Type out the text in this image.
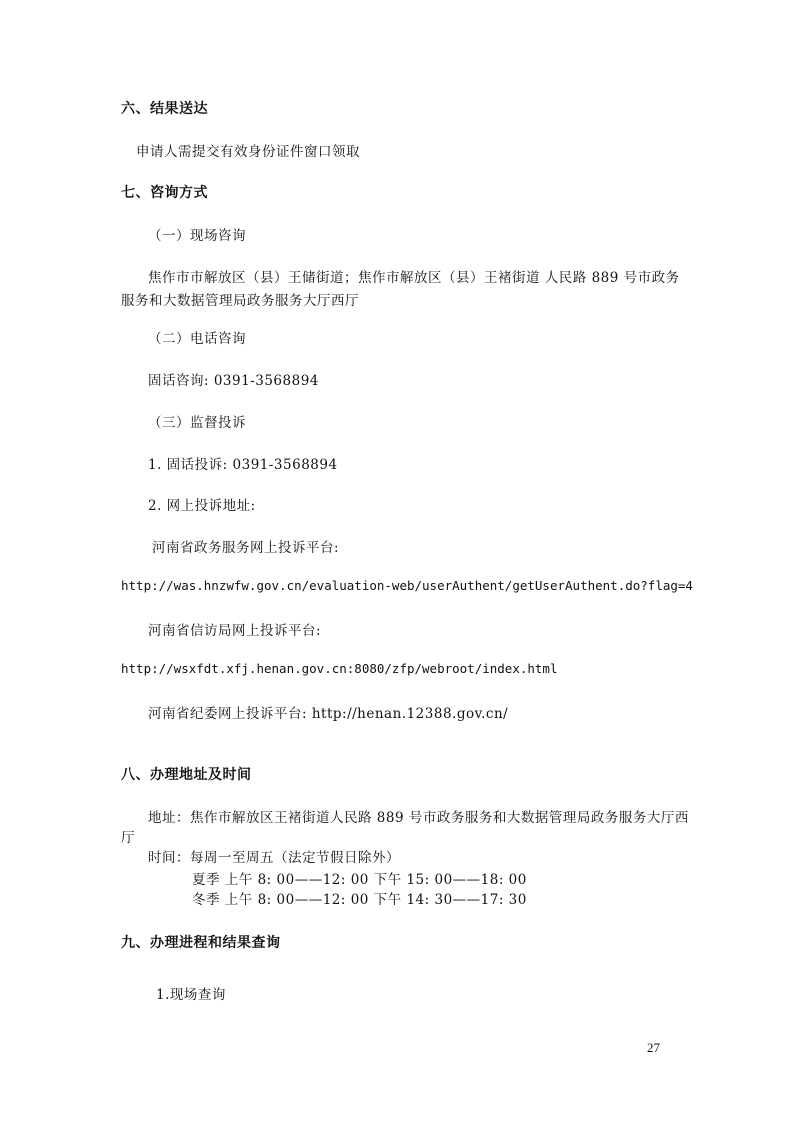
六、结果送达
申请人需提交有效身份证件窗口领取
七、咨询方式
（一）现场咨询
焦作市市解放区（县）王储街道；焦作市解放区（县）王褚街道 人民路 889 号市政务
服务和大数据管理局政务服务大厅西厅
（二）电话咨询
固话咨询: 0391-3568894
（三）监督投诉
1. 固话投诉: 0391-3568894
2. 网上投诉地址:
河南省政务服务网上投诉平台:
http://was.hnzwfw.gov.cn/evaluation-web/userAuthent/getUserAuthent.do?flag=4
河南省信访局网上投诉平台:
http://wsxfdt.xfj.henan.gov.cn:8080/zfp/webroot/index.html
河南省纪委网上投诉平台: http://henan.12388.gov.cn/
八、办理地址及时间
地址：焦作市解放区王褚街道人民路 889 号市政务服务和大数据管理局政务服务大厅西
厅
时间：每周一至周五（法定节假日除外）
夏季 上午 8: 00——12: 00 下午 15: 00——18: 00
冬季 上午 8: 00——12: 00 下午 14: 30——17: 30
九、办理进程和结果查询
1.现场查询
27
